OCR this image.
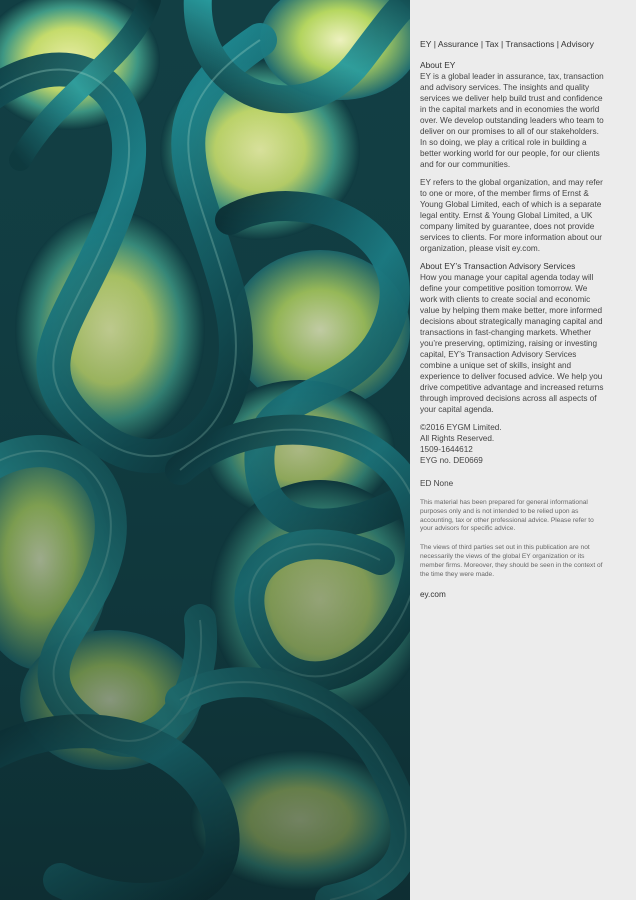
EY | Assurance | Tax | Transactions | Advisory

About EY

EY is a global leader in assurance, tax, transaction and advisory services. The insights and quality services we deliver help build trust and confidence in the capital markets and in economies the world over. We develop outstanding leaders who team to deliver on our promises to all of our stakeholders. In so doing, we play a critical role in building a better working world for our people, for our clients and for our communities.

EY refers to the global organization, and may refer to one or more, of the member firms of Ernst & Young Global Limited, each of which is a separate legal entity. Ernst & Young Global Limited, a UK company limited by guarantee, does not provide services to clients. For more information about our organization, please visit ey.com.

About EY’s Transaction Advisory Services

How you manage your capital agenda today will define your competitive position tomorrow. We work with clients to create social and economic value by helping them make better, more informed decisions about strategically managing capital and transactions in fast-changing markets. Whether you’re preserving, optimizing, raising or investing capital, EY’s Transaction Advisory Services combine a unique set of skills, insight and experience to deliver focused advice. We help you drive competitive advantage and increased returns through improved decisions across all aspects of your capital agenda.

©2016 EYGM Limited.

All Rights Reserved.

1509-1644612

EYG no. DE0669

ED None

This material has been prepared for general informational purposes only and is not intended to be relied upon as accounting, tax or other professional advice. Please refer to your advisors for specific advice.

The views of third parties set out in this publication are not necessarily the views of the global EY organization or its member firms. Moreover, they should be seen in the context of the time they were made.

ey.com
